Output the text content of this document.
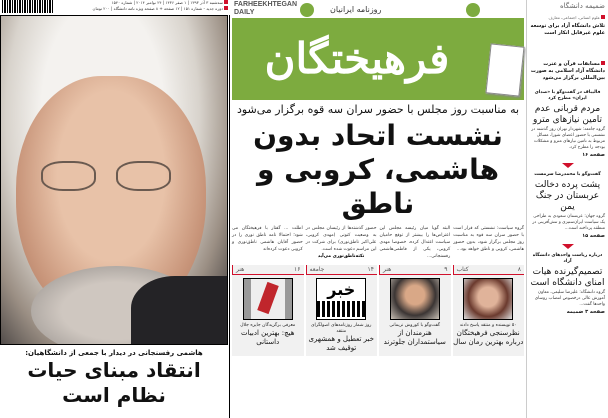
سه‌شنبه ۳ آذر ۱۳۹۳ | ۱ صفر ۱۴۳۶ | ۲۴ نوامبر ۲۰۱۴ | شماره ۱۵۴۰
دوره جدید - شماره ۱۵۱ | ۱۲ صفحه + ۸ صفحه ویژه نامه دانشگاه | ۲۰۰ تومان
هاشمی رفسنجانی در دیدار با جمعی از دانشگاهیان:
انتقاد مبنای حیات نظام است
FARHEEKHTEGAN
DAILY	روزنامه ایرانیان
فرهیختگان
به مناسبت روز مجلس با حضور سران سه قوه برگزار می‌شود
نشست اتحاد بدون هاشمی، کروبی و ناطق
گروه سیاست: نشستی که قرار است با حضور سران سه قوه به مناسبت روز مجلس برگزار شود، بدون حضور هاشمی، کروبی و ناطق خواهد بود...
البته گویا میان رئیسه مجلس این اعتراض‌ها را بیشتر از توقع حامیان سیاست اعتدال کرده، خصوصا مهدی کروبی، یکی از فاطمی‌هاشمی رفسنجانی...
حضور گذشته‌ها از رئیسان مجلس در به وضعیت کنونی (مهدی کروبی، علی‌اکبر ناطق‌نوری) برای شرکت در این مراسم دعوت شده است.
نکته‌ناطق‌نوری می‌آید
اطلت ... گفتار با فرهیختگان می‌ شود؛ احتمالا نامه ناطق نوری را در حضور آقایان هاشمی ناطق‌نوری و کروبی دعوت کرده‌اند
۸
کتاب
۵۰ نویسنده و منتقد پاسخ دادند
نظرسنجی فرهیختگان درباره بهترین رمان سال
۹
هنر
گفت‌وگو با کوروش نریمانی
هنرمندان از سیاستمداران جلوترند
۱۴
جامعه
خبر
روز شمار روزنامه‌های اصولگرای منتقد
خبر تعطیل و همشهری توقیف شد
۱۶
هنر
معرفی برگزیدگان جایزه جلال
هیچ: بهترین ادبیات داستانی
ضمیمه دانشگاه
علوم انسانی، اجتماعی، معارف
تلاش دانشگاه آزاد برای توسعه علوم غیرقابل انکار است
مسابقات قرآن و عترت دانشگاه آزاد اسلامی به صورت بین‌المللی برگزار می‌شود
قالیباف در گفت‌وگو با «صدای ایران» مطرح کرد
مردم قربانی عدم تامین نیازهای مترو
گروه جامعه: شهردار تهران روز گذشته در نشستی با حضور اعضای شورا، مسائل مربوط به تامین نیازهای مترو و مشکلات بودجه را مطرح کرد.
صفحه ۱۶
گفت‌وگو با محمدرضا سرمست
پشت پرده دخالت عربستان در جنگ یمن
گروه جهان: عربستان سعودی به طراحی یک سیاست ایران‌ستیزی و تنش‌آفرینی در منطقه پرداخته است...
صفحه ۱۵
درباره ریاست واحدهای دانشگاه آزاد
تصمیم‌گیرنده هیات امنای دانشگاه است
گروه دانشگاه: علیرضا سلیمی، معاون آموزش عالی درخصوص انتصاب روسای واحدها گفت...
صفحه ۳ ضمیمه
